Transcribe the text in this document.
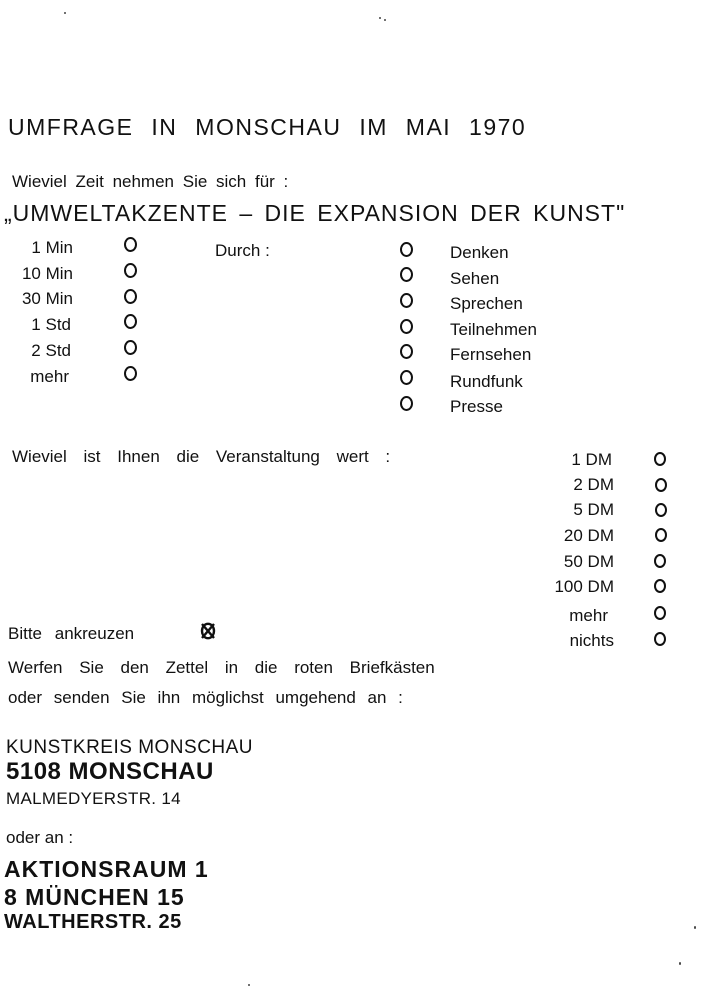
UMFRAGE IN MONSCHAU IM MAI 1970
Wieviel Zeit nehmen Sie sich für :
„UMWELTAKZENTE – DIE EXPANSION DER KUNST"
1 Min
10 Min
30 Min
1 Std
2 Std
mehr
Durch :	Denken
Sehen
Sprechen
Teilnehmen
Fernsehen
Rundfunk
Presse
Wieviel ist Ihnen die Veranstaltung wert :	1 DM
2 DM
5 DM
20 DM
50 DM
100 DM
mehr
nichts
Bitte ankreuzen
Werfen Sie den Zettel in die roten Briefkästen
oder senden Sie ihn möglichst umgehend an :
KUNSTKREIS MONSCHAU
5108 MONSCHAU
MALMEDYERSTR. 14
oder an :
AKTIONSRAUM 1
8 MÜNCHEN 15
WALTHERSTR. 25
